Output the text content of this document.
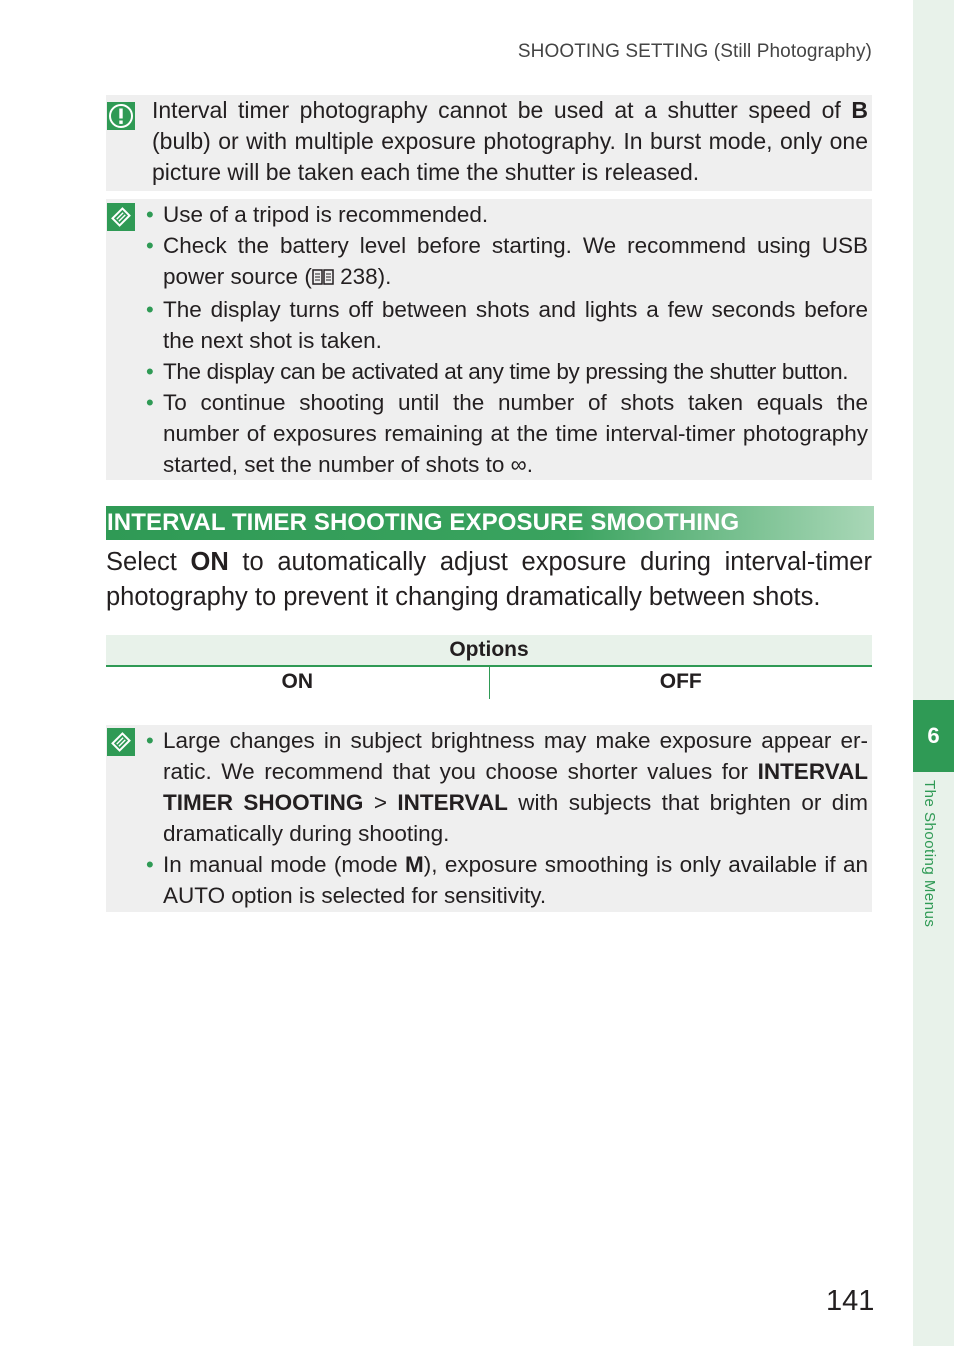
SHOOTING SETTING (Still Photography)
6
The Shooting Menus
Interval timer photography cannot be used at a shutter speed of B (bulb) or with multiple exposure photography. In burst mode, only one picture will be taken each time the shutter is released.
• Use of a tripod is recommended.
• Check the battery level before starting. We recommend using USB power source ( 238).
• The display turns off between shots and lights a few seconds before the next shot is taken.
• The display can be activated at any time by pressing the shutter button.
• To continue shooting until the number of shots taken equals the number of exposures remaining at the time interval-timer photography started, set the number of shots to ∞.
INTERVAL TIMER SHOOTING EXPOSURE SMOOTHING
Select ON to automatically adjust exposure during interval-timer photography to prevent it changing dramatically between shots.
Options
ON	OFF
• Large changes in subject brightness may make exposure appear erratic. We recommend that you choose shorter values for INTERVAL TIMER SHOOTING > INTERVAL with subjects that brighten or dim dramatically during shooting.
• In manual mode (mode M), exposure smoothing is only available if an AUTO option is selected for sensitivity.
141
